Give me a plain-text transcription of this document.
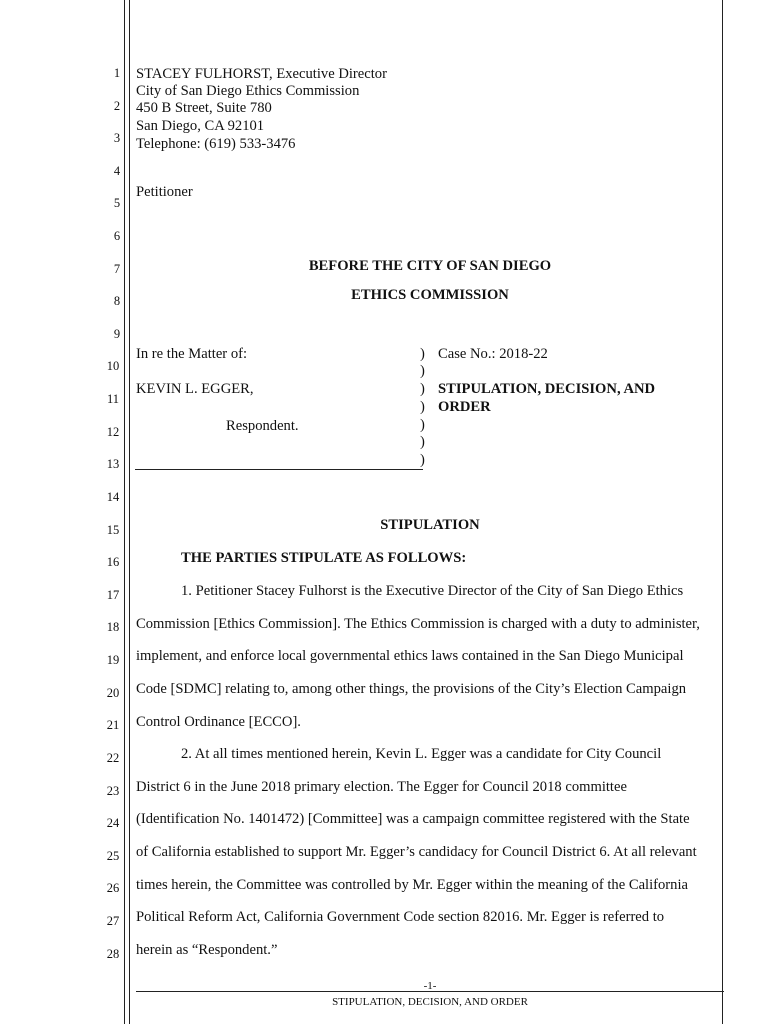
1
2
3
4
5
6
7
8
9
10
11
12
13
14
15
16
17
18
19
20
21
22
23
24
25
26
27
28
STACEY FULHORST, Executive Director
City of San Diego Ethics Commission
450 B Street, Suite 780
San Diego, CA 92101
Telephone: (619) 533-3476
Petitioner
BEFORE THE CITY OF SAN DIEGO
ETHICS COMMISSION
In re the Matter of:
KEVIN L. EGGER,
Respondent.
)
)
)
)
)
)
)
Case No.: 2018-22
STIPULATION, DECISION, AND
ORDER
STIPULATION
THE PARTIES STIPULATE AS FOLLOWS:
1. Petitioner Stacey Fulhorst is the Executive Director of the City of San Diego Ethics
Commission [Ethics Commission]. The Ethics Commission is charged with a duty to administer,
implement, and enforce local governmental ethics laws contained in the San Diego Municipal
Code [SDMC] relating to, among other things, the provisions of the City’s Election Campaign
Control Ordinance [ECCO].
2. At all times mentioned herein, Kevin L. Egger was a candidate for City Council
District 6 in the June 2018 primary election. The Egger for Council 2018 committee
(Identification No. 1401472) [Committee] was a campaign committee registered with the State
of California established to support Mr. Egger’s candidacy for Council District 6. At all relevant
times herein, the Committee was controlled by Mr. Egger within the meaning of the California
Political Reform Act, California Government Code section 82016. Mr. Egger is referred to
herein as “Respondent.”
-1-
STIPULATION, DECISION, AND ORDER
